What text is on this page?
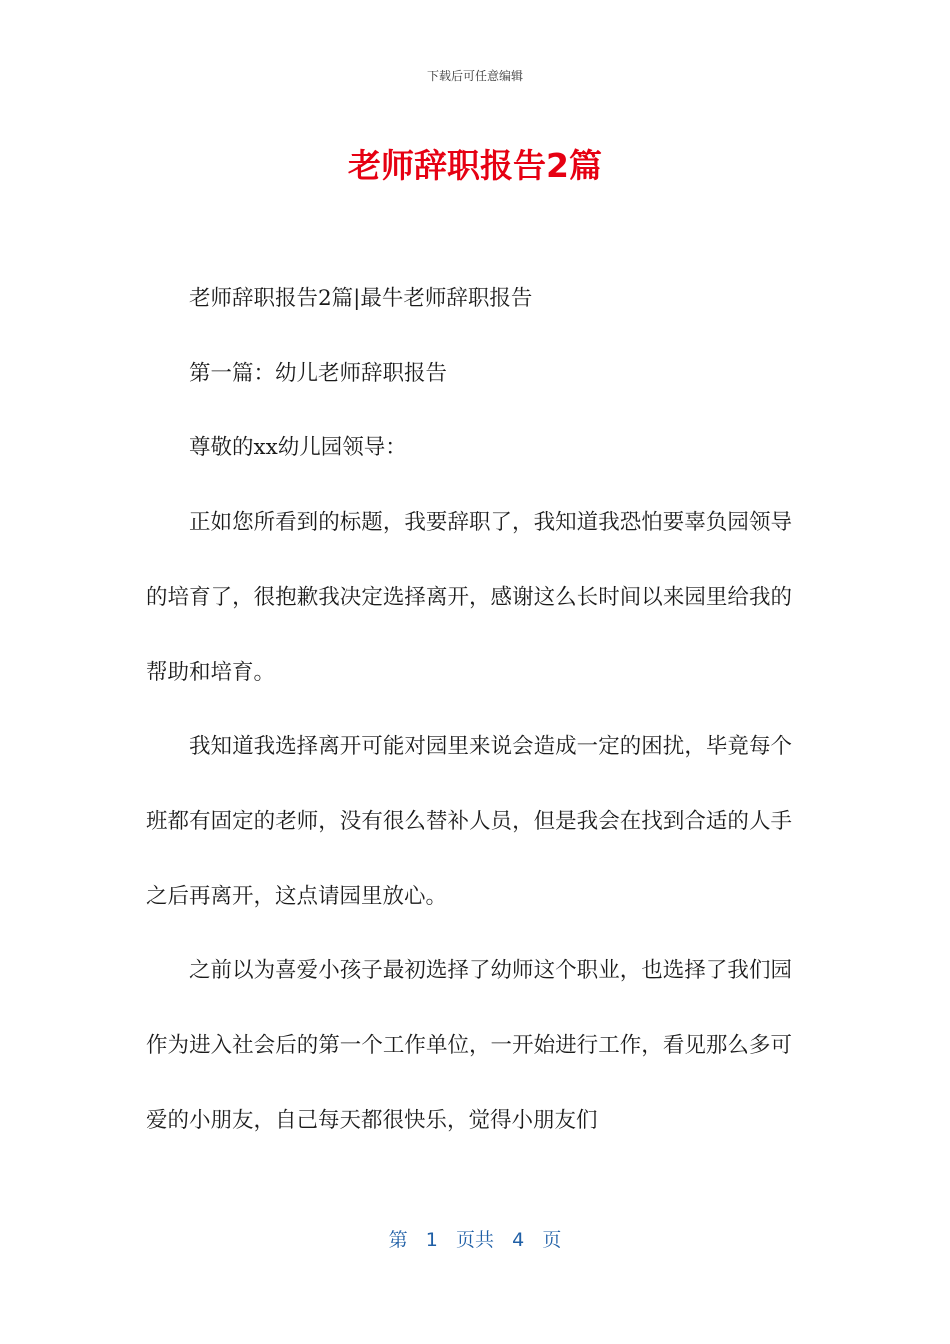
下载后可任意编辑
老师辞职报告2篇

老师辞职报告2篇|最牛老师辞职报告

第一篇：幼儿老师辞职报告

尊敬的xx幼儿园领导：

正如您所看到的标题，我要辞职了，我知道我恐怕要辜负园领导的培育了，很抱歉我决定选择离开，感谢这么长时间以来园里给我的帮助和培育。

我知道我选择离开可能对园里来说会造成一定的困扰，毕竟每个班都有固定的老师，没有很么替补人员，但是我会在找到合适的人手之后再离开，这点请园里放心。

之前以为喜爱小孩子最初选择了幼师这个职业，也选择了我们园作为进入社会后的第一个工作单位，一开始进行工作，看见那么多可爱的小朋友，自己每天都很快乐，觉得小朋友们

第 1 页共 4 页
